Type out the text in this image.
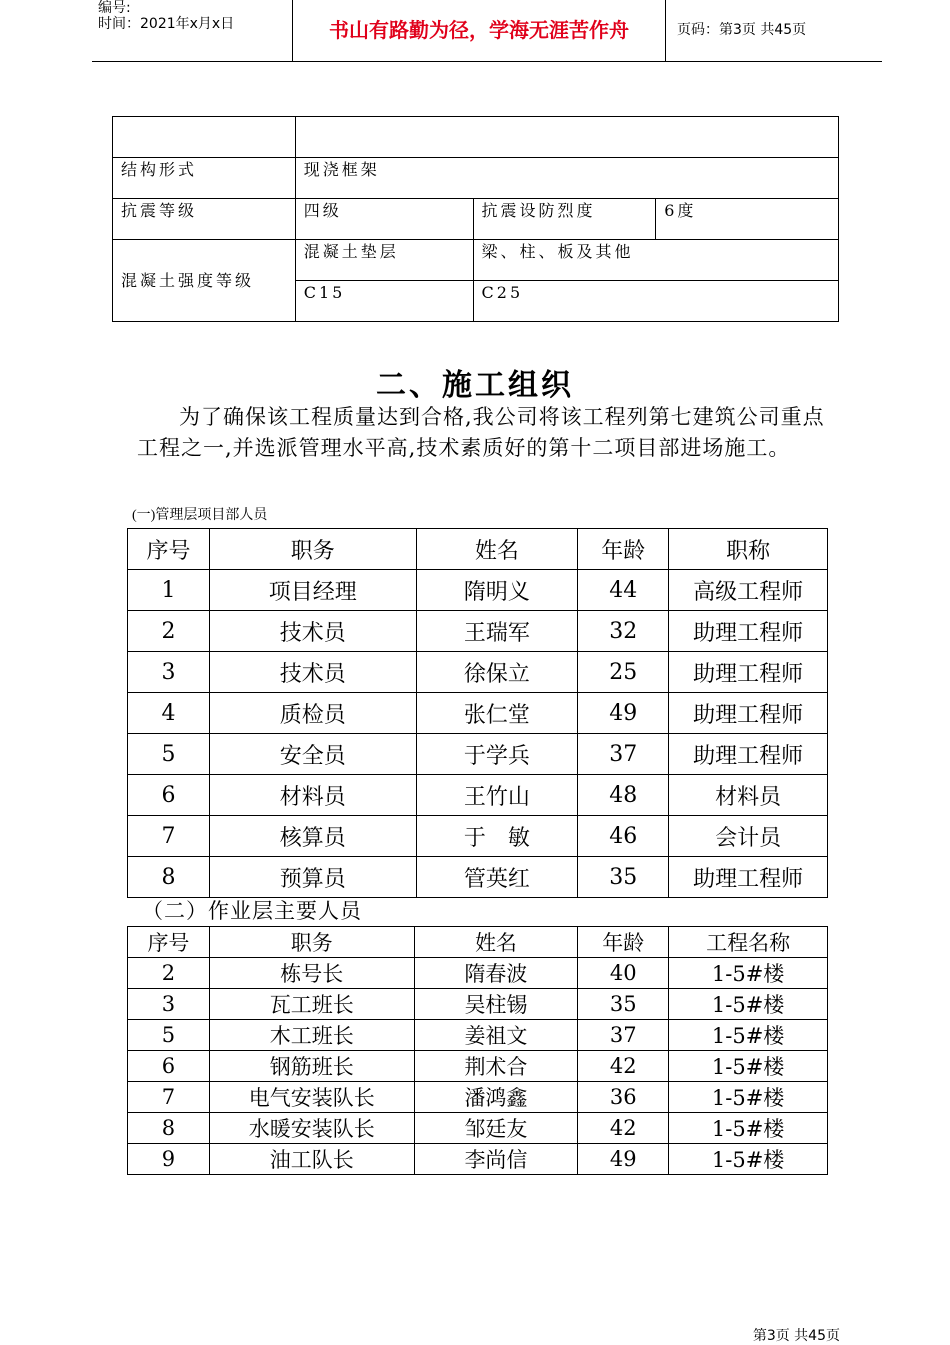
编号:
时间：2021年x月x日	书山有路勤为径，学海无涯苦作舟	页码：第3页 共45页

结构形式	现浇框架		
抗震等级	四级	抗震设防烈度	6度
混凝土强度等级	混凝土垫层	梁、柱、板及其他	
	C15	C25	
二、施工组织

为了确保该工程质量达到合格,我公司将该工程列第七建筑公司重点工程之一,并选派管理水平高,技术素质好的第十二项目部进场施工。

(一)管理层项目部人员
序号	职务	姓名	年龄	职称
1	项目经理	隋明义	44	高级工程师
2	技术员	王瑞军	32	助理工程师
3	技术员	徐保立	25	助理工程师
4	质检员	张仁堂	49	助理工程师
5	安全员	于学兵	37	助理工程师
6	材料员	王竹山	48	材料员
7	核算员	于　敏	46	会计员
8	预算员	管英红	35	助理工程师
（二）作业层主要人员
序号	职务	姓名	年龄	工程名称
2	栋号长	隋春波	40	1-5#楼
3	瓦工班长	吴柱锡	35	1-5#楼
5	木工班长	姜祖文	37	1-5#楼
6	钢筋班长	荆术合	42	1-5#楼
7	电气安装队长	潘鸿鑫	36	1-5#楼
8	水暖安装队长	邹廷友	42	1-5#楼
9	油工队长	李尚信	49	1-5#楼
第3页 共45页
